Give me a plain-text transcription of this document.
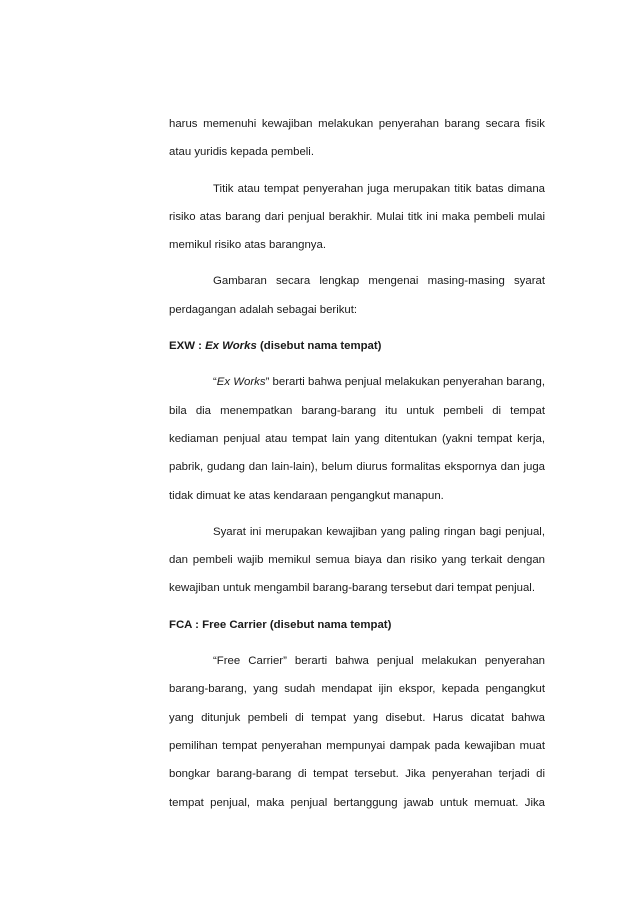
harus memenuhi kewajiban melakukan penyerahan barang secara fisik
atau yuridis kepada pembeli.
Titik atau tempat penyerahan juga merupakan titik batas dimana
risiko atas barang dari penjual berakhir. Mulai titk ini maka pembeli mulai
memikul risiko atas barangnya.
Gambaran secara lengkap mengenai masing-masing syarat
perdagangan adalah sebagai berikut:
EXW : Ex Works (disebut nama tempat)
“Ex Works” berarti bahwa penjual melakukan penyerahan barang,
bila dia menempatkan barang-barang itu untuk pembeli di tempat
kediaman penjual atau tempat lain yang ditentukan (yakni tempat kerja,
pabrik, gudang dan lain-lain), belum diurus formalitas ekspornya dan juga
tidak dimuat ke atas kendaraan pengangkut manapun.
Syarat ini merupakan kewajiban yang paling ringan bagi penjual,
dan pembeli wajib memikul semua biaya dan risiko yang terkait dengan
kewajiban untuk mengambil barang-barang tersebut dari tempat penjual.
FCA : Free Carrier (disebut nama tempat)
“Free Carrier” berarti bahwa penjual melakukan penyerahan
barang-barang, yang sudah mendapat ijin ekspor, kepada pengangkut
yang ditunjuk pembeli di tempat yang disebut. Harus dicatat bahwa
pemilihan tempat penyerahan mempunyai dampak pada kewajiban muat
bongkar barang-barang di tempat tersebut. Jika penyerahan terjadi di
tempat penjual, maka penjual bertanggung jawab untuk memuat. Jika
